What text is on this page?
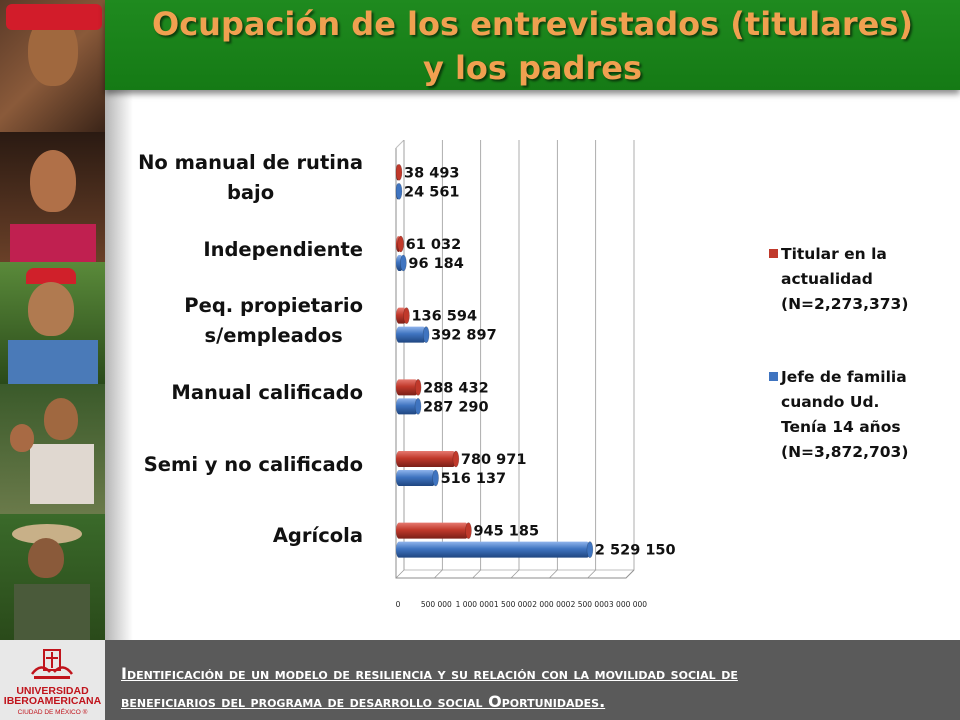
Ocupación de los entrevistados (titulares)
y los padres
No manual de rutina
bajo
Independiente
Peq. propietario
s/empleados
Manual calificado
Semi y no calificado
Agrícola
0	500 000 1 000 000 1 500 000 2 000 000 2 500 000 3 000 000
38 493
24 561
61 032
96 184
136 594
392 897
288 432
287 290
780 971
516 137
945 185
2 529 150
Titular en la
actualidad
(N=2,273,373)
Jefe de familia
cuando Ud.
Tenía 14 años
(N=3,872,703)
UNIVERSIDAD
IBEROAMERICANA
CIUDAD DE MÉXICO ®
Identificación de un modelo de resiliencia y su relación con la movilidad social de
beneficiarios del programa de desarrollo social Oportunidades.
